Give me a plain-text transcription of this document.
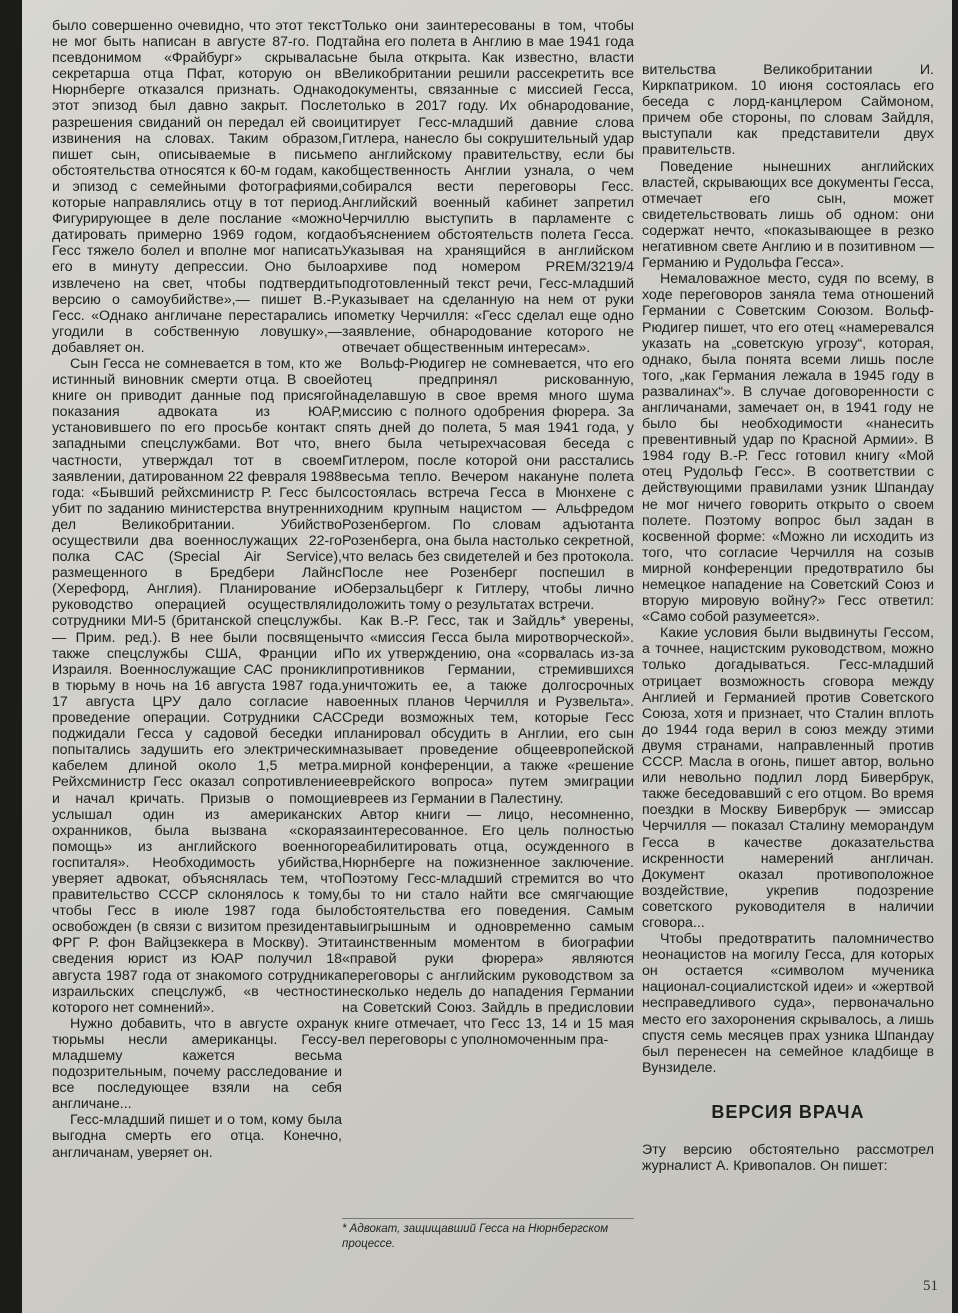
было совершенно очевидно, что этот текст не мог быть написан в августе 87-го. Под псевдонимом «Фрайбург» скрывалась секретарша отца Пфат, которую он в Нюрнберге отказался признать. Однако этот эпизод был давно закрыт. После разрешения свиданий он передал ей свои извинения на словах. Таким образом, пишет сын, описываемые в письме обстоятельства относятся к 60-м годам, как и эпизод с семейными фотографиями, которые направлялись отцу в тот период. Фигурирующее в деле послание «можно датировать примерно 1969 годом, когда Гесс тяжело болел и вполне мог написать его в минуту депрессии. Оно было извлечено на свет, чтобы подтвердить версию о самоубийстве»,— пишет В.-Р. Гесс. «Однако англичане перестарались и угодили в собственную ловушку»,— добавляет он.

Сын Гесса не сомневается в том, кто же истинный виновник смерти отца. В своей книге он приводит данные под присягой показания адвоката из ЮАР, установившего по его просьбе контакт с западными спецслужбами. Вот что, в частности, утверждал тот в своем заявлении, датированном 22 февраля 1988 года: «Бывший рейхсминистр Р. Гесс был убит по заданию министерства внутренних дел Великобритании. Убийство осуществили два военнослужащих 22-го полка САС (Special Air Service), размещенного в Бредбери Лайнс (Херефорд, Англия). Планирование и руководство операцией осуществляли сотрудники МИ-5 (британской спецслужбы.— Прим. ред.). В нее были посвящены также спецслужбы США, Франции и Израиля. Военнослужащие САС проникли в тюрьму в ночь на 16 августа 1987 года. 17 августа ЦРУ дало согласие на проведение операции. Сотрудники САС поджидали Гесса у садовой беседки и попытались задушить его электрическим кабелем длиной около 1,5 метра. Рейхсминистр Гесс оказал сопротивление и начал кричать. Призыв о помощи услышал один из американских охранников, была вызвана «скорая помощь» из английского военного госпиталя». Необходимость убийства, уверяет адвокат, объяснялась тем, что правительство СССР склонялось к тому, чтобы Гесс в июле 1987 года был освобожден (в связи с визитом президента ФРГ Р. фон Вайцзеккера в Москву). Эти сведения юрист из ЮАР получил 18 августа 1987 года от знакомого сотрудника израильских спецслужб, «в честности которого нет сомнений».

Нужно добавить, что в августе охрану тюрьмы несли американцы. Гессу-младшему кажется весьма подозрительным, почему расследование и все последующее взяли на себя англичане...

Гесс-младший пишет и о том, кому была выгодна смерть его отца. Конечно, англичанам, уверяет он.

Только они заинтересованы в том, чтобы тайна его полета в Англию в мае 1941 года не была открыта. Как известно, власти Великобритании решили рассекретить все документы, связанные с миссией Гесса, только в 2017 году. Их обнародование, цитирует Гесс-младший давние слова Гитлера, нанесло бы сокрушительный удар по английскому правительству, если бы общественность Англии узнала, о чем собирался вести переговоры Гесс. Английский военный кабинет запретил Черчиллю выступить в парламенте с объяснением обстоятельств полета Гесса. Указывая на хранящийся в английском архиве под номером PREM/3219/4 подготовленный текст речи, Гесс-младший указывает на сделанную на нем от руки пометку Черчилля: «Гесс сделал еще одно заявление, обнародование которого не отвечает общественным интересам».

Вольф-Рюдигер не сомневается, что его отец предпринял рискованную, наделавшую в свое время много шума миссию с полного одобрения фюрера. За пять дней до полета, 5 мая 1941 года, у него была четырехчасовая беседа с Гитлером, после которой они расстались весьма тепло. Вечером накануне полета состоялась встреча Гесса в Мюнхене с одним крупным нацистом — Альфредом Розенбергом. По словам адъютанта Розенберга, она была настолько секретной, что велась без свидетелей и без протокола. После нее Розенберг поспешил в Оберзальцберг к Гитлеру, чтобы лично доложить тому о результатах встречи.

Как В.-Р. Гесс, так и Зайдль* уверены, что «миссия Гесса была миротворческой». По их утверждению, она «сорвалась из-за противников Германии, стремившихся уничтожить ее, а также долгосрочных военных планов Черчилля и Рузвельта». Среди возможных тем, которые Гесс планировал обсудить в Англии, его сын называет проведение общеевропейской мирной конференции, а также «решение еврейского вопроса» путем эмиграции евреев из Германии в Палестину.

Автор книги — лицо, несомненно, заинтересованное. Его цель полностью реабилитировать отца, осужденного в Нюрнберге на пожизненное заключение. Поэтому Гесс-младший стремится во что бы то ни стало найти все смягчающие обстоятельства его поведения. Самым выигрышным и одновременно самым таинственным моментом в биографии «правой руки фюрера» являются переговоры с английским руководством за несколько недель до нападения Германии на Советский Союз. Зайдль в предисловии к книге отмечает, что Гесс 13, 14 и 15 мая вел переговоры с уполномоченным пра-

вительства Великобритании И. Киркпатриком. 10 июня состоялась его беседа с лорд-канцлером Саймоном, причем обе стороны, по словам Зайдля, выступали как представители двух правительств.

Поведение нынешних английских властей, скрывающих все документы Гесса, отмечает его сын, может свидетельствовать лишь об одном: они содержат нечто, «показывающее в резко негативном свете Англию и в позитивном — Германию и Рудольфа Гесса».

Немаловажное место, судя по всему, в ходе переговоров заняла тема отношений Германии с Советским Союзом. Вольф-Рюдигер пишет, что его отец «намеревался указать на „советскую угрозу“, которая, однако, была понята всеми лишь после того, „как Германия лежала в 1945 году в развалинах“». В случае договоренности с англичанами, замечает он, в 1941 году не было бы необходимости «нанесить превентивный удар по Красной Армии». В 1984 году В.-Р. Гесс готовил книгу «Мой отец Рудольф Гесс». В соответствии с действующими правилами узник Шпандау не мог ничего говорить открыто о своем полете. Поэтому вопрос был задан в косвенной форме: «Можно ли исходить из того, что согласие Черчилля на созыв мирной конференции предотвратило бы немецкое нападение на Советский Союз и вторую мировую войну?» Гесс ответил: «Само собой разумеется».

Какие условия были выдвинуты Гессом, а точнее, нацистским руководством, можно только догадываться. Гесс-младший отрицает возможность сговора между Англией и Германией против Советского Союза, хотя и признает, что Сталин вплоть до 1944 года верил в союз между этими двумя странами, направленный против СССР. Масла в огонь, пишет автор, вольно или невольно подлил лорд Бивербрук, также беседовавший с его отцом. Во время поездки в Москву Бивербрук — эмиссар Черчилля — показал Сталину меморандум Гесса в качестве доказательства искренности намерений англичан. Документ оказал противоположное воздействие, укрепив подозрение советского руководителя в наличии сговора...

Чтобы предотвратить паломничество неонацистов на могилу Гесса, для которых он остается «символом мученика национал-социалистской идеи» и «жертвой несправедливого суда», первоначально место его захоронения скрывалось, а лишь спустя семь месяцев прах узника Шпандау был перенесен на семейное кладбище в Вунзиделе.

ВЕРСИЯ ВРАЧА

Эту версию обстоятельно рассмотрел журналист А. Кривопалов. Он пишет:

* Адвокат, защищавший Гесса на Нюрнбергском процессе.
51
